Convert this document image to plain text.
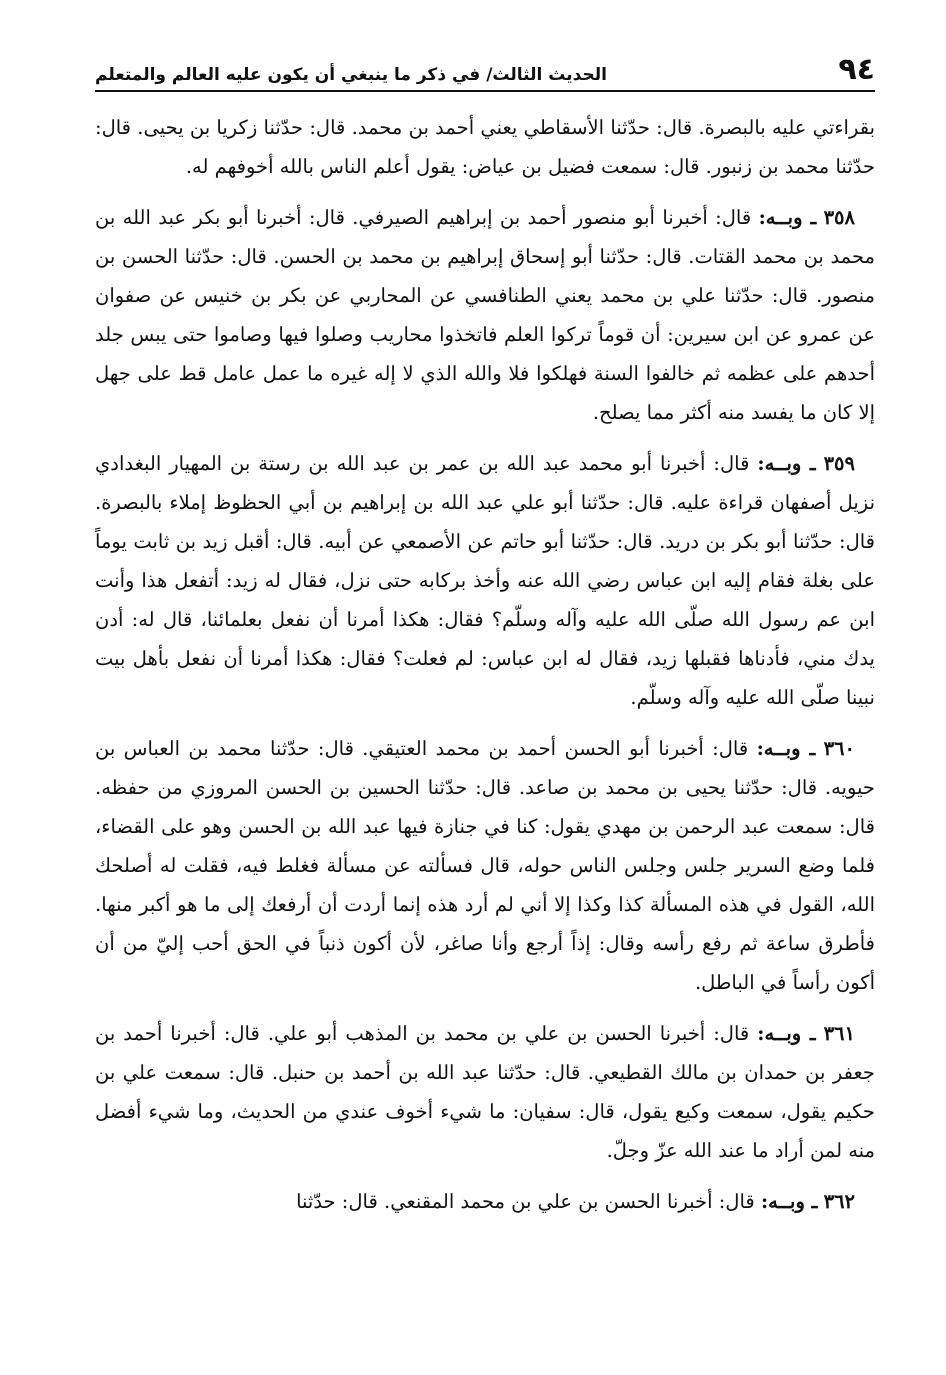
٩٤
الحديث الثالث/ في ذكر ما ينبغي أن يكون عليه العالم والمتعلم

بقراءتي عليه بالبصرة. قال: حدّثنا الأسقاطي يعني أحمد بن محمد. قال: حدّثنا زكريا بن يحيى. قال: حدّثنا محمد بن زنبور. قال: سمعت فضيل بن عياض: يقول أعلم الناس بالله أخوفهم له.

٣٥٨ ـ وبــه: قال: أخبرنا أبو منصور أحمد بن إبراهيم الصيرفي. قال: أخبرنا أبو بكر عبد الله بن محمد بن محمد القتات. قال: حدّثنا أبو إسحاق إبراهيم بن محمد بن الحسن. قال: حدّثنا الحسن بن منصور. قال: حدّثنا علي بن محمد يعني الطنافسي عن المحاربي عن بكر بن خنيس عن صفوان عن عمرو عن ابن سيرين: أن قوماً تركوا العلم فاتخذوا محاريب وصلوا فيها وصاموا حتى يبس جلد أحدهم على عظمه ثم خالفوا السنة فهلكوا فلا والله الذي لا إله غيره ما عمل عامل قط على جهل إلا كان ما يفسد منه أكثر مما يصلح.

٣٥٩ ـ وبــه: قال: أخبرنا أبو محمد عبد الله بن عمر بن عبد الله بن رستة بن المهيار البغدادي نزيل أصفهان قراءة عليه. قال: حدّثنا أبو علي عبد الله بن إبراهيم بن أبي الحظوظ إملاء بالبصرة. قال: حدّثنا أبو بكر بن دريد. قال: حدّثنا أبو حاتم عن الأصمعي عن أبيه. قال: أقبل زيد بن ثابت يوماً على بغلة فقام إليه ابن عباس رضي الله عنه وأخذ بركابه حتى نزل، فقال له زيد: أتفعل هذا وأنت ابن عم رسول الله صلّى الله عليه وآله وسلّم؟ فقال: هكذا أمرنا أن نفعل بعلمائنا، قال له: أدن يدك مني، فأدناها فقبلها زيد، فقال له ابن عباس: لم فعلت؟ فقال: هكذا أمرنا أن نفعل بأهل بيت نبينا صلّى الله عليه وآله وسلّم.

٣٦٠ ـ وبــه: قال: أخبرنا أبو الحسن أحمد بن محمد العتيقي. قال: حدّثنا محمد بن العباس بن حيويه. قال: حدّثنا يحيى بن محمد بن صاعد. قال: حدّثنا الحسين بن الحسن المروزي من حفظه. قال: سمعت عبد الرحمن بن مهدي يقول: كنا في جنازة فيها عبد الله بن الحسن وهو على القضاء، فلما وضع السرير جلس وجلس الناس حوله، قال فسألته عن مسألة فغلط فيه، فقلت له أصلحك الله، القول في هذه المسألة كذا وكذا إلا أني لم أرد هذه إنما أردت أن أرفعك إلى ما هو أكبر منها. فأطرق ساعة ثم رفع رأسه وقال: إذاً أرجع وأنا صاغر، لأن أكون ذنباً في الحق أحب إليّ من أن أكون رأساً في الباطل.

٣٦١ ـ وبــه: قال: أخبرنا الحسن بن علي بن محمد بن المذهب أبو علي. قال: أخبرنا أحمد بن جعفر بن حمدان بن مالك القطيعي. قال: حدّثنا عبد الله بن أحمد بن حنبل. قال: سمعت علي بن حكيم يقول، سمعت وكيع يقول، قال: سفيان: ما شيء أخوف عندي من الحديث، وما شيء أفضل منه لمن أراد ما عند الله عزّ وجلّ.

٣٦٢ ـ وبــه: قال: أخبرنا الحسن بن علي بن محمد المقنعي. قال: حدّثنا
